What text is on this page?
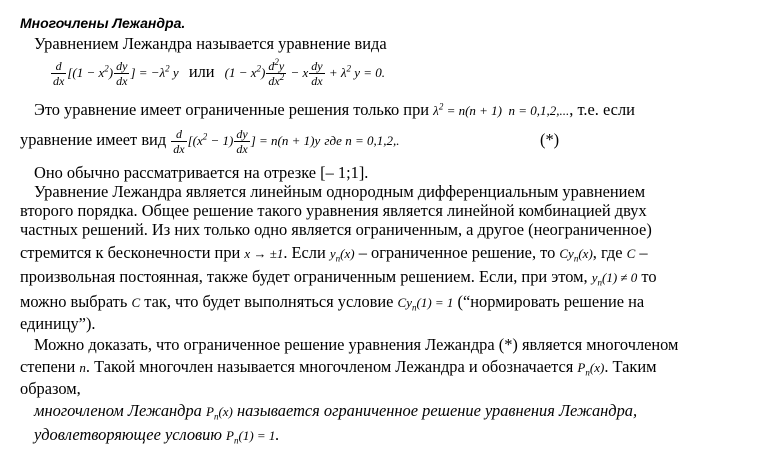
Многочлены Лежандра.
Уравнением Лежандра называется уравнение вида
$\frac{d}{dx} [(1 - x^2) \frac{dy}{dx}$ ] = $-\lambda^2$ y или $(1 - x^2) \frac{d^2y}{dx^2} - x \frac{dy}{dx} + \lambda^2$ y = 0.
Это уравнение имеет ограниченные решения только при $\lambda^2 = n(n + 1) n = 0,1,2$,..., т.е. если
уравнение имеет вид $\frac{d}{dx} [(x^2 - 1) \frac{dy}{dx}$ ] = n(n + 1)y где n = 0,1,2,.	(*)
Оно обычно рассматривается на отрезке [– 1;1].
Уравнение Лежандра является линейным однородным дифференциальным уравнением
второго порядка. Общее решение такого уравнения является линейной комбинацией двух
частных решений. Из них только одно является ограниченным, а другое (неограниченное)
стремится к бесконечности при x → ±1. Если $y_n(x)$ – ограниченное решение, то $Cy_n(x)$, где C –
произвольная постоянная, также будет ограниченным решением. Если, при этом, $y_n(1) \ne 0$ то
можно выбрать C так, что будет выполняться условие $Cy_n(1) = 1$ (“нормировать решение на
единицу”).
Можно доказать, что ограниченное решение уравнения Лежандра (*) является многочленом
степени n. Такой многочлен называется многочленом Лежандра и обозначается $P_n(x)$. Таким
образом,
многочленом Лежандра $P_n(x)$ называется ограниченное решение уравнения Лежандра,
удовлетворяющее условию $P_n(1) = 1$.
